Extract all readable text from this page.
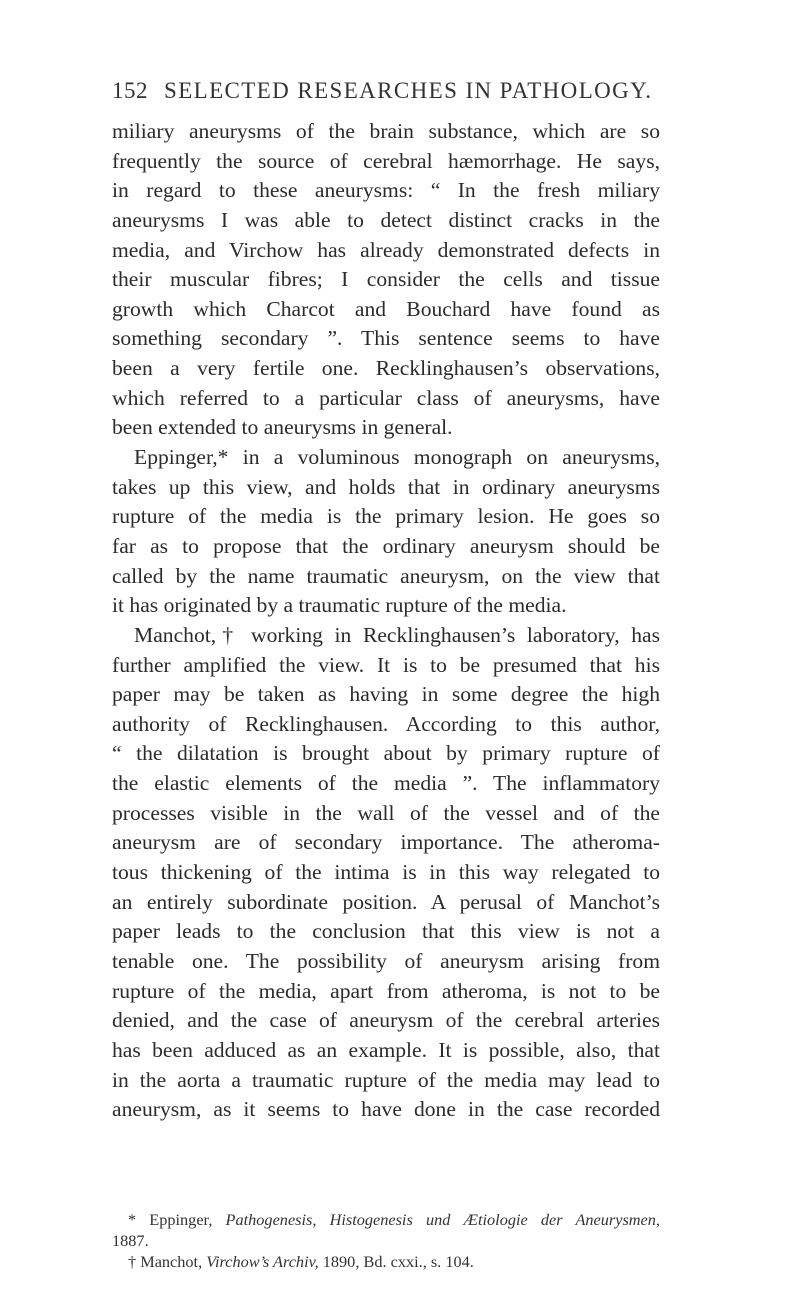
152 SELECTED RESEARCHES IN PATHOLOGY.
miliary aneurysms of the brain substance, which are so
frequently the source of cerebral hæmorrhage. He says,
in regard to these aneurysms: “ In the fresh miliary
aneurysms I was able to detect distinct cracks in the
media, and Virchow has already demonstrated defects in
their muscular fibres; I consider the cells and tissue
growth which Charcot and Bouchard have found as
something secondary ”. This sentence seems to have
been a very fertile one. Recklinghausen’s observations,
which referred to a particular class of aneurysms, have
been extended to aneurysms in general.
Eppinger,* in a voluminous monograph on aneurysms,
takes up this view, and holds that in ordinary aneurysms
rupture of the media is the primary lesion. He goes so
far as to propose that the ordinary aneurysm should be
called by the name traumatic aneurysm, on the view that
it has originated by a traumatic rupture of the media.
Manchot,† working in Recklinghausen’s laboratory, has
further amplified the view. It is to be presumed that his
paper may be taken as having in some degree the high
authority of Recklinghausen. According to this author,
“ the dilatation is brought about by primary rupture of
the elastic elements of the media ”. The inflammatory
processes visible in the wall of the vessel and of the
aneurysm are of secondary importance. The atheroma-
tous thickening of the intima is in this way relegated to
an entirely subordinate position. A perusal of Manchot’s
paper leads to the conclusion that this view is not a
tenable one. The possibility of aneurysm arising from
rupture of the media, apart from atheroma, is not to be
denied, and the case of aneurysm of the cerebral arteries
has been adduced as an example. It is possible, also, that
in the aorta a traumatic rupture of the media may lead to
aneurysm, as it seems to have done in the case recorded
* Eppinger, Pathogenesis, Histogenesis und Ætiologie der Aneurysmen,
1887.
† Manchot, Virchow’s Archiv, 1890, Bd. cxxi., s. 104.
